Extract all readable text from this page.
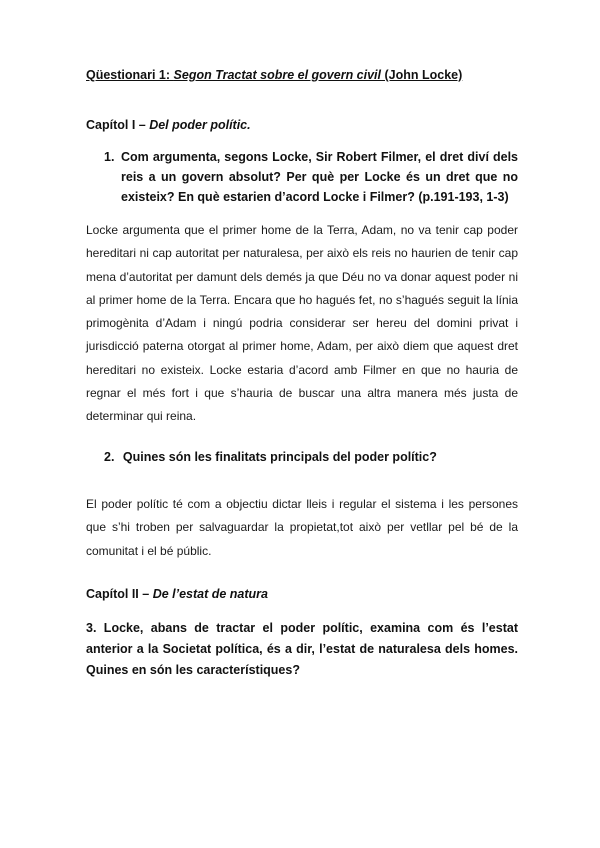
Qüestionari 1: Segon Tractat sobre el govern civil (John Locke)
Capítol I – Del poder polític.
1. Com argumenta, segons Locke, Sir Robert Filmer, el dret diví dels reis a un govern absolut? Per què per Locke és un dret que no existeix? En què estarien d’acord Locke i Filmer? (p.191-193, 1-3)
Locke argumenta que el primer home de la Terra, Adam, no va tenir cap poder hereditari ni cap autoritat per naturalesa, per això els reis no haurien de tenir cap mena d’autoritat per damunt dels demés ja que Déu no va donar aquest poder ni al primer home de la Terra. Encara que ho hagués fet, no s’hagués seguit la línia primogènita d’Adam i ningú podria considerar ser hereu del domini privat i jurisdicció paterna otorgat al primer home, Adam, per això diem que aquest dret hereditari no existeix. Locke estaria d’acord amb Filmer en que no hauria de regnar el més fort i que s’hauria de buscar una altra manera més justa de determinar qui reina.
2. Quines són les finalitats principals del poder polític?
El poder polític té com a objectiu dictar lleis i regular el sistema i les persones que s’hi troben per salvaguardar la propietat,tot això per vetllar pel bé de la comunitat i el bé públic.
Capítol II – De l’estat de natura
3. Locke, abans de tractar el poder polític, examina com és l’estat anterior a la Societat política, és a dir, l’estat de naturalesa dels homes. Quines en són les característiques?
